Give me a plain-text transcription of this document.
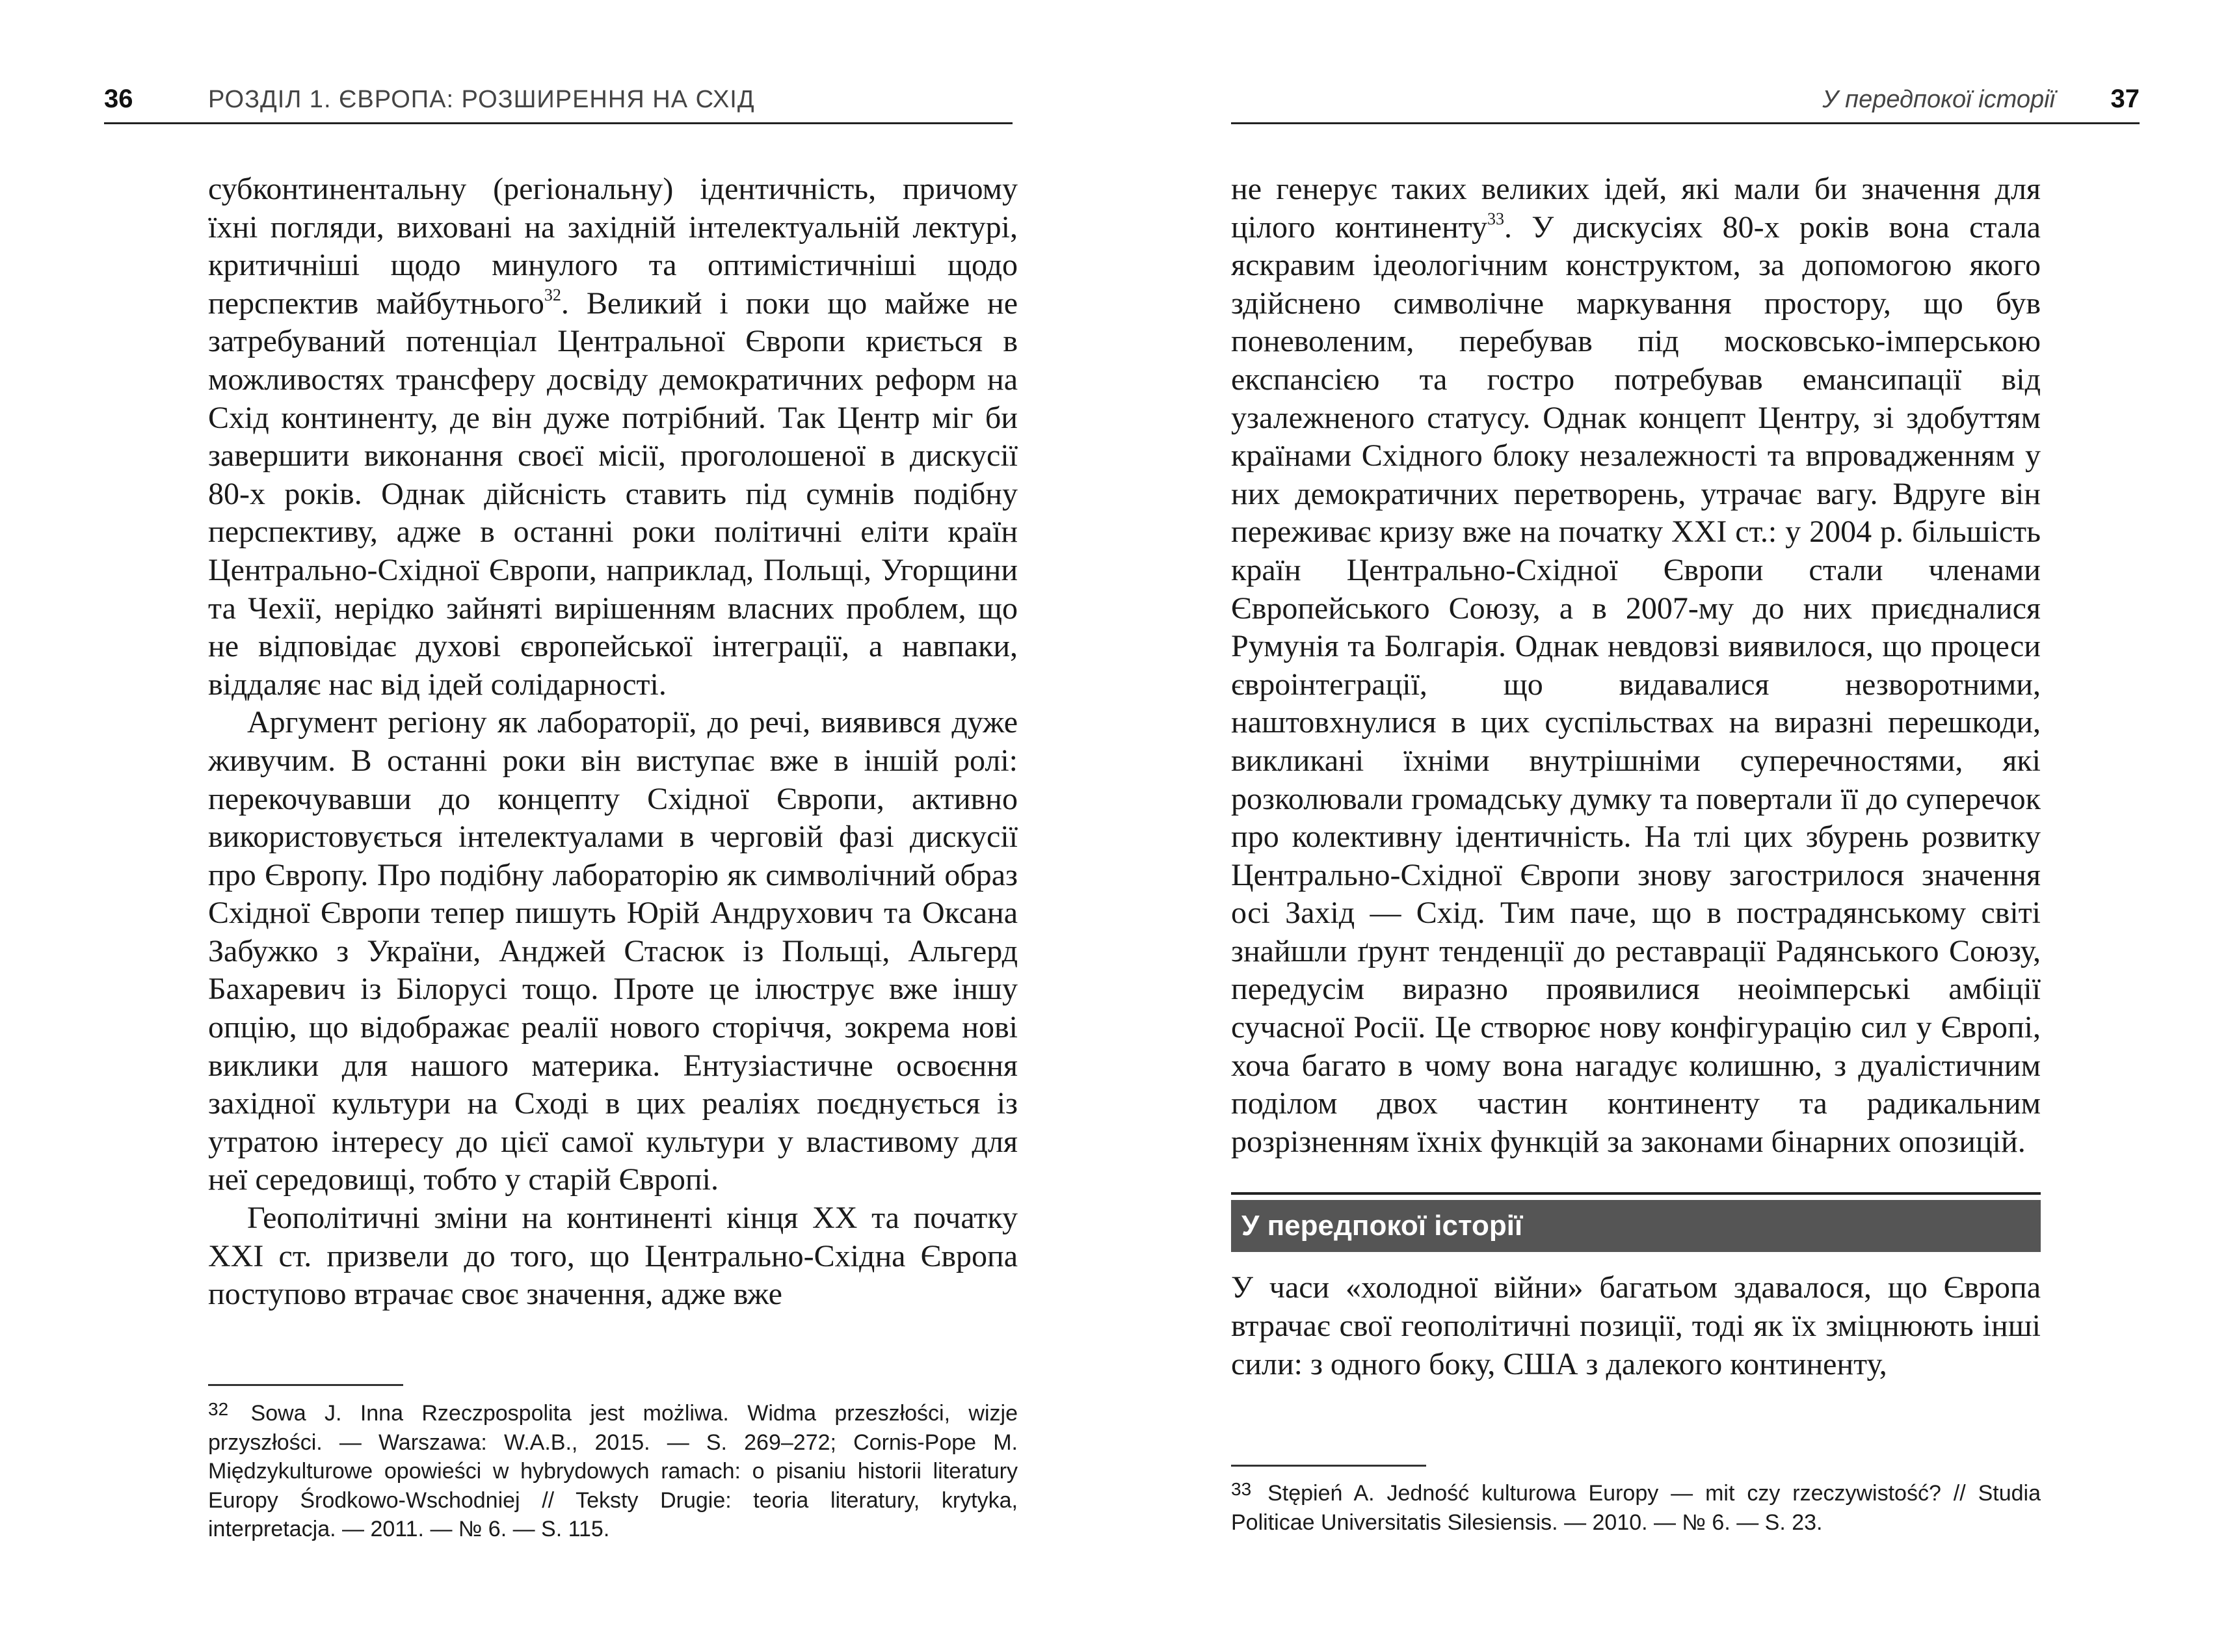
36	РОЗДІЛ 1. ЄВРОПА: РОЗШИРЕННЯ НА СХІД

субконтинентальну (регіональну) ідентичність, причому їхні погляди, виховані на західній інтелектуальній лектурі, критичніші щодо минулого та оптимістичніші щодо перспектив майбутнього$^{32}$. Великий і поки що майже не затребуваний потенціал Центральної Європи криється в можливостях трансферу досвіду демократичних реформ на Схід континенту, де він дуже потрібний. Так Центр міг би завершити виконання своєї місії, проголошеної в дискусії 80-х років. Однак дійсність ставить під сумнів подібну перспективу, адже в останні роки політичні еліти країн Центрально-Східної Європи, наприклад, Польщі, Угорщини та Чехії, нерідко зайняті вирішенням власних проблем, що не відповідає духові європейської інтеграції, а навпаки, віддаляє нас від ідей солідарності.

Аргумент регіону як лабораторії, до речі, виявився дуже живучим. В останні роки він виступає вже в іншій ролі: перекочувавши до концепту Східної Європи, активно використовується інтелектуалами в черговій фазі дискусії про Європу. Про подібну лабораторію як символічний образ Східної Європи тепер пишуть Юрій Андрухович та Оксана Забужко з України, Анджей Стасюк із Польщі, Альгерд Бахаревич із Білорусі тощо. Проте це ілюструє вже іншу опцію, що відображає реалії нового сторіччя, зокрема нові виклики для нашого материка. Ентузіастичне освоєння західної культури на Сході в цих реаліях поєднується із утратою інтересу до цієї самої культури у властивому для неї середовищі, тобто у старій Європі.

Геополітичні зміни на континенті кінця XX та початку XXI ст. призвели до того, що Центрально-Східна Європа поступово втрачає своє значення, адже вже

$^{32}$ Sowa J. Inna Rzeczpospolita jest możliwa. Widma przeszłości, wizje przyszłości. — Warszawa: W.A.B., 2015. — S. 269–272; Cornis-Pope M. Międzykulturowe opowieści w hybrydowych ramach: o pisaniu historii literatury Europy Środkowo-Wschodniej // Teksty Drugie: teoria literatury, krytyka, interpretacja. — 2011. — № 6. — S. 115.

У передпокої історії 37

не генерує таких великих ідей, які мали би значення для цілого континенту$^{33}$. У дискусіях 80-х років вона стала яскравим ідеологічним конструктом, за допомогою якого здійснено символічне маркування простору, що був поневоленим, перебував під московсько-імперською експансією та гостро потребував емансипації від узалежненого статусу. Однак концепт Центру, зі здобуттям країнами Східного блоку незалежності та впровадженням у них демократичних перетворень, утрачає вагу. Вдруге він переживає кризу вже на початку XXI ст.: у 2004 р. більшість країн Центрально-Східної Європи стали членами Європейського Союзу, а в 2007-му до них приєдналися Румунія та Болгарія. Однак невдовзі виявилося, що процеси євроінтеграції, що видавалися незворотними, наштовхнулися в цих суспільствах на виразні перешкоди, викликані їхніми внутрішніми суперечностями, які розколювали громадську думку та повертали її до суперечок про колективну ідентичність. На тлі цих збурень розвитку Центрально-Східної Європи знову загострилося значення осі Захід — Схід. Тим паче, що в пострадянському світі знайшли ґрунт тенденції до реставрації Радянського Союзу, передусім виразно проявилися неоімперські амбіції сучасної Росії. Це створює нову конфігурацію сил у Європі, хоча багато в чому вона нагадує колишню, з дуалістичним поділом двох частин континенту та радикальним розрізненням їхніх функцій за законами бінарних опозицій.

У передпокої історії

У часи «холодної війни» багатьом здавалося, що Європа втрачає свої геополітичні позиції, тоді як їх зміцнюють інші сили: з одного боку, США з далекого континенту,

$^{33}$ Stępień A. Jedność kulturowa Europy — mit czy rzeczywistość? // Studia Politicae Universitatis Silesiensis. — 2010. — № 6. — S. 23.
